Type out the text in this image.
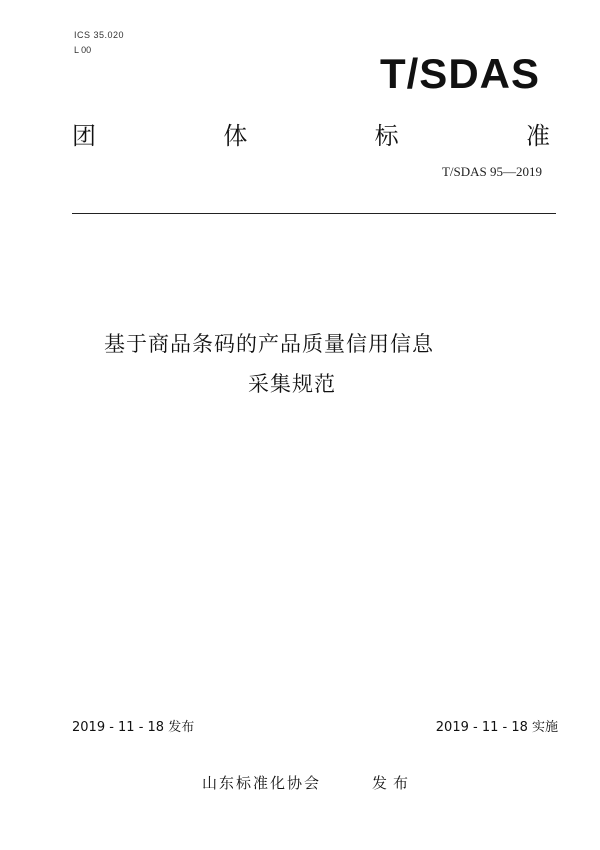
ICS 35.020
L 00	T/SDAS
团	体	标	准
T/SDAS 95—2019
基于商品条码的产品质量信用信息
采集规范
2019 - 11 - 18 发布	2019 - 11 - 18 实施
山东标准化协会	发布
